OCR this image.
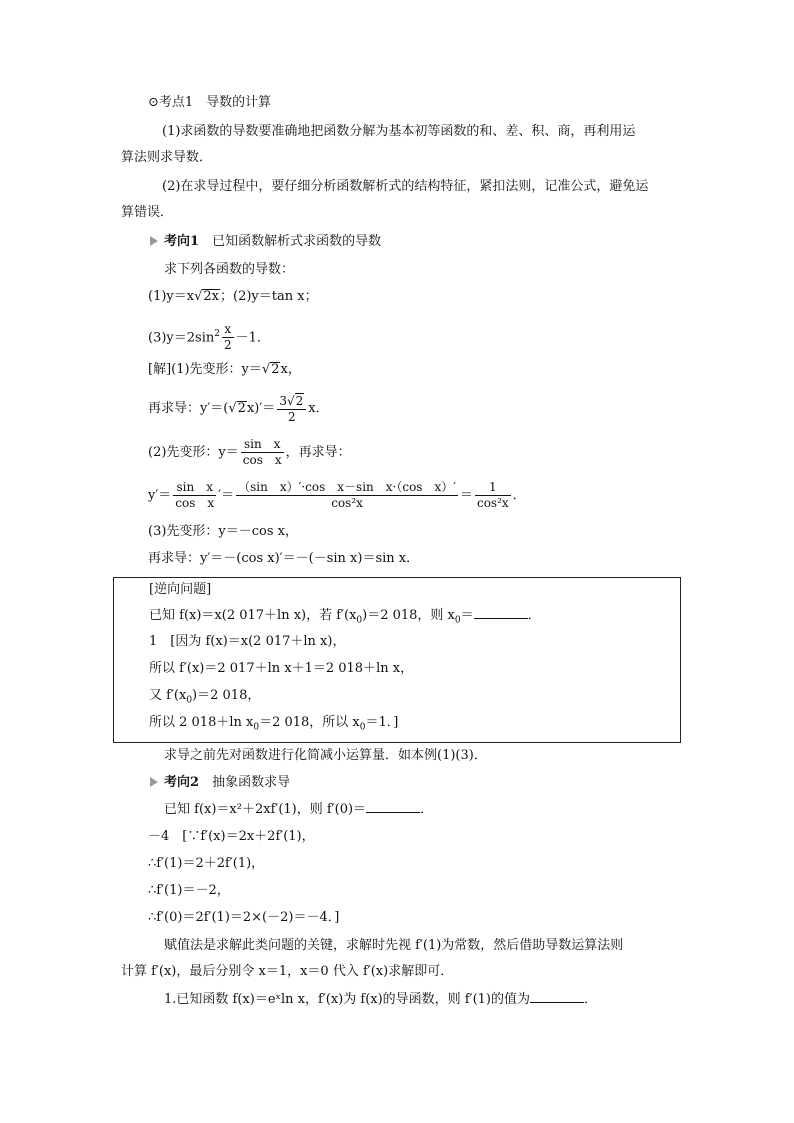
⊙考点1　导数的计算
(1)求函数的导数要准确地把函数分解为基本初等函数的和、差、积、商，再利用运
算法则求导数．
(2)在求导过程中，要仔细分析函数解析式的结构特征，紧扣法则，记准公式，避免运
算错误．
考向1　 已知函数解析式求函数的导数
求下列各函数的导数：
(1)y＝x√2x；(2)y＝tan x；
$(3)y=2\sin^2 \frac{x}{2} -1$．
[解](1)先变形：y＝√2x，
再求导：$y'=(√2x)'= \frac{3√2}{2}$ x．
(2)先变形：$y= \frac{\text{sin　x}}{\text{cos　x}}$ ，再求导：
$y'= \frac{\text{sin　x}}{\text{cos　x}}$ ′＝ $\frac{\text{（sin　x）′·cos　x－sin　x·（cos　x）′}}{\text{cos²x}} = \frac{1}{\text{cos²x}}$ ．
(3)先变形：y＝－cos x，
再求导：y′＝－(cos x)′＝－(－sin x)＝sin x．
[逆向问题]
已知 f(x)＝x(2 017＋ln x)，若 $f'(x_0)=2$ 018，则 $x_0=$	．
1　[因为 f(x)＝x(2 017＋ln x)，
所以 f′(x)＝2 017＋ln x＋1＝2 018＋ln x，
又 $f'(x_0)=2$ 018，
所以 2 018＋ln $x_0=2$ 018，所以 $x_0=1$．]
求导之前先对函数进行化简减小运算量．如本例(1)(3)．
考向2　 抽象函数求导
已知 f(x)＝x²＋2xf′(1)，则 f′(0)＝	．
－4　[∵f′(x)＝2x＋2f′(1)，
∴f′(1)＝2＋2f′(1)，
∴f′(1)＝－2，
∴f′(0)＝2f′(1)＝2×(－2)＝－4．]
赋值法是求解此类问题的关键，求解时先视 f′(1)为常数，然后借助导数运算法则
计算 f′(x)，最后分别令 x＝1，x＝0 代入 f′(x)求解即可．
1.已知函数 f(x)＝eˣln x，f′(x)为 f(x)的导函数，则 f′(1)的值为	．
